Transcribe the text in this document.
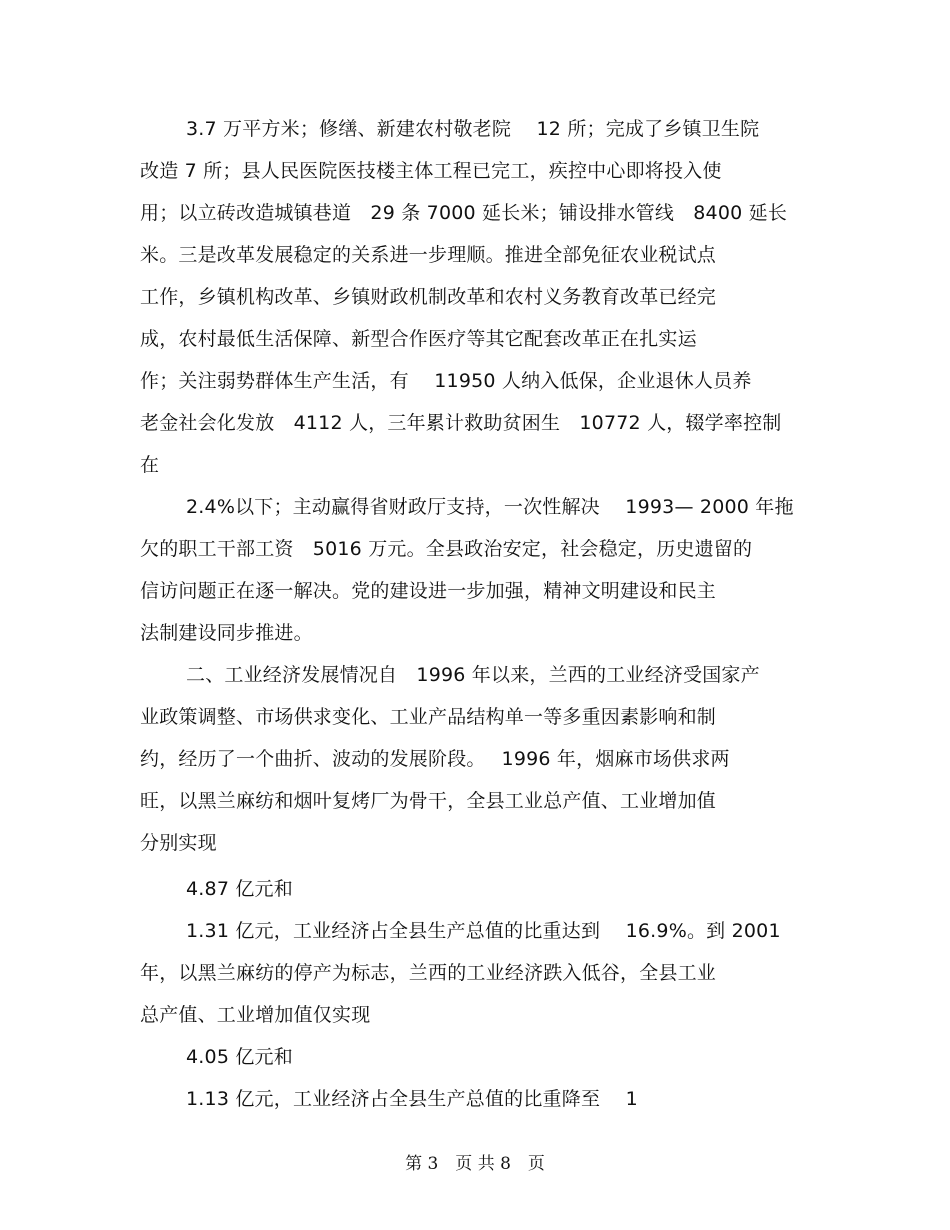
3.7 万平方米；修缮、新建农村敬老院　 12 所；完成了乡镇卫生院

改造 7 所；县人民医院医技楼主体工程已完工，疾控中心即将投入使

用；以立砖改造城镇巷道　29 条 7000 延长米；铺设排水管线　8400 延长

米。三是改革发展稳定的关系进一步理顺。推进全部免征农业税试点

工作，乡镇机构改革、乡镇财政机制改革和农村义务教育改革已经完

成，农村最低生活保障、新型合作医疗等其它配套改革正在扎实运

作；关注弱势群体生产生活，有　 11950 人纳入低保，企业退休人员养

老金社会化发放　4112 人，三年累计救助贫困生　10772 人，辍学率控制

在

2.4%以下；主动赢得省财政厅支持，一次性解决　 1993— 2000 年拖

欠的职工干部工资　5016 万元。全县政治安定，社会稳定，历史遗留的

信访问题正在逐一解决。党的建设进一步加强，精神文明建设和民主

法制建设同步推进。

二、工业经济发展情况自　1996 年以来，兰西的工业经济受国家产

业政策调整、市场供求变化、工业产品结构单一等多重因素影响和制

约，经历了一个曲折、波动的发展阶段。　 1996 年，烟麻市场供求两

旺，以黑兰麻纺和烟叶复烤厂为骨干，全县工业总产值、工业增加值

分别实现

4.87 亿元和

1.31 亿元，工业经济占全县生产总值的比重达到　 16.9%。到 2001

年，以黑兰麻纺的停产为标志，兰西的工业经济跌入低谷，全县工业

总产值、工业增加值仅实现

4.05 亿元和

1.13 亿元，工业经济占全县生产总值的比重降至　 1

第 3　页 共 8　页
